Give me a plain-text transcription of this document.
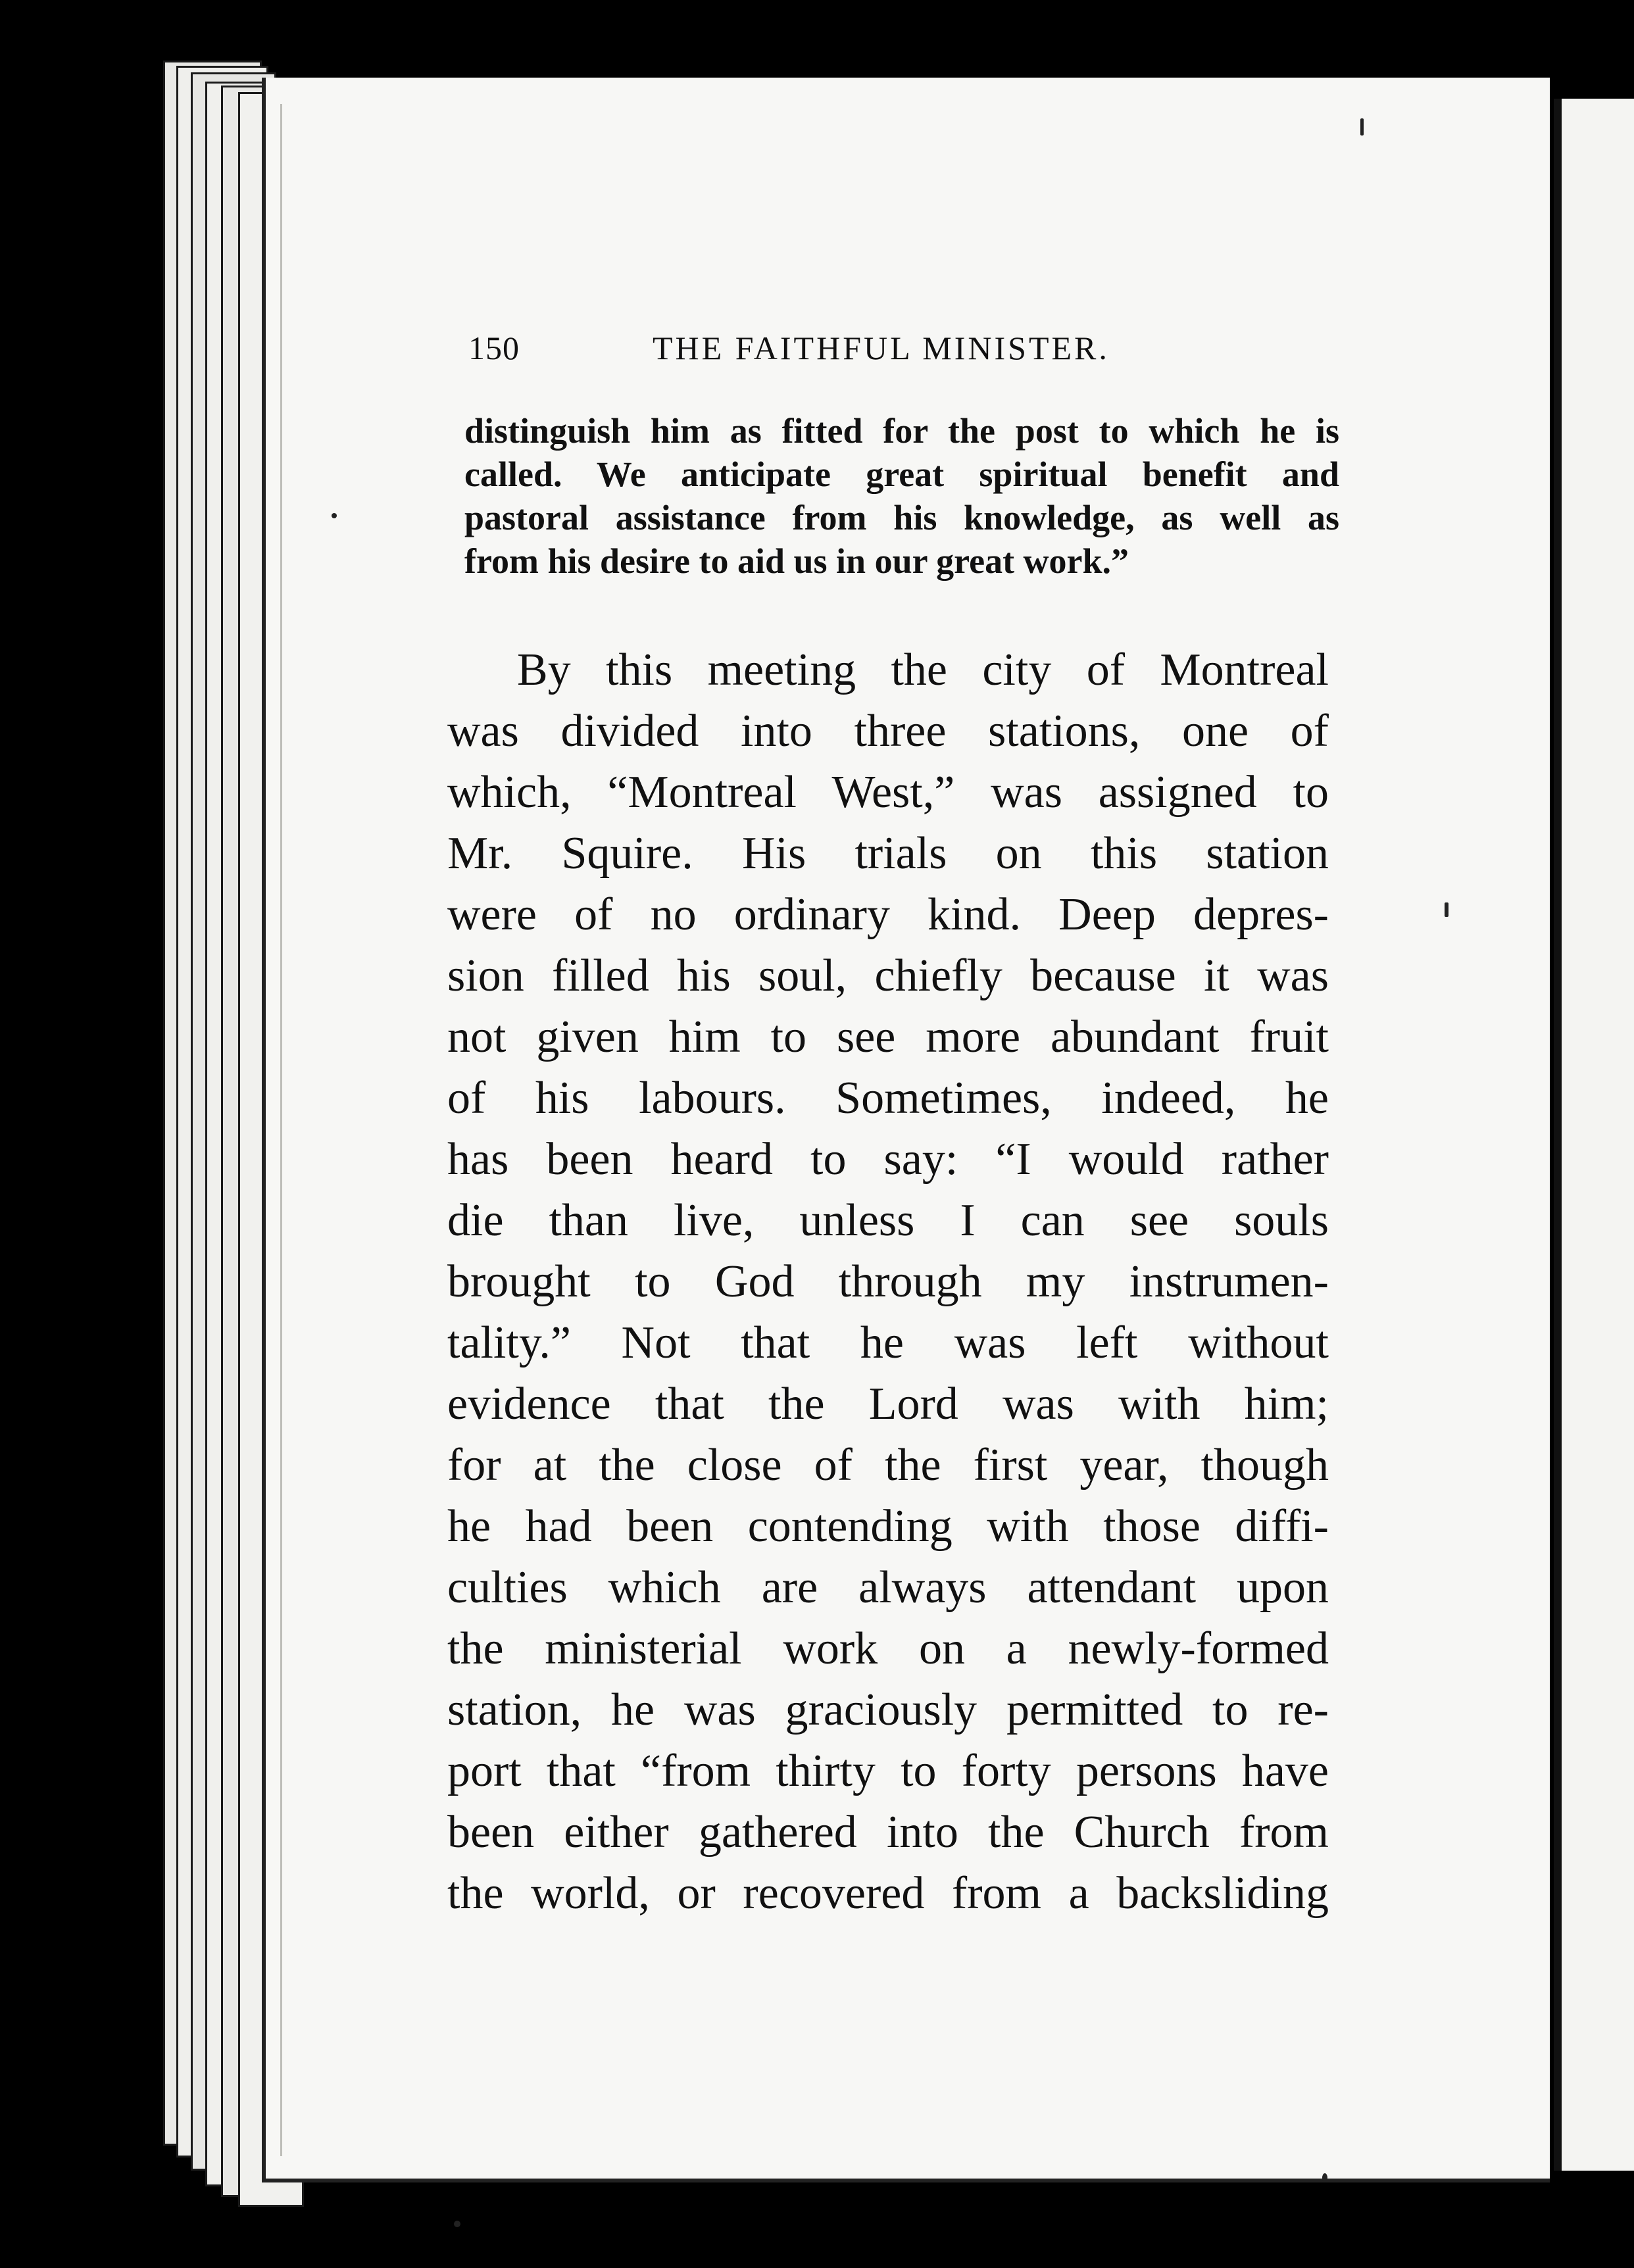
150	THE FAITHFUL MINISTER.
distinguish him as fitted for the post to which he is
called. We anticipate great spiritual benefit and
pastoral assistance from his knowledge, as well as
from his desire to aid us in our great work.”
By this meeting the city of Montreal
was divided into three stations, one of
which, “Montreal West,” was assigned to
Mr. Squire. His trials on this station
were of no ordinary kind. Deep depres-
sion filled his soul, chiefly because it was
not given him to see more abundant fruit
of his labours. Sometimes, indeed, he
has been heard to say: “I would rather
die than live, unless I can see souls
brought to God through my instrumen-
tality.” Not that he was left without
evidence that the Lord was with him;
for at the close of the first year, though
he had been contending with those diffi-
culties which are always attendant upon
the ministerial work on a newly-formed
station, he was graciously permitted to re-
port that “from thirty to forty persons have
been either gathered into the Church from
the world, or recovered from a backsliding
